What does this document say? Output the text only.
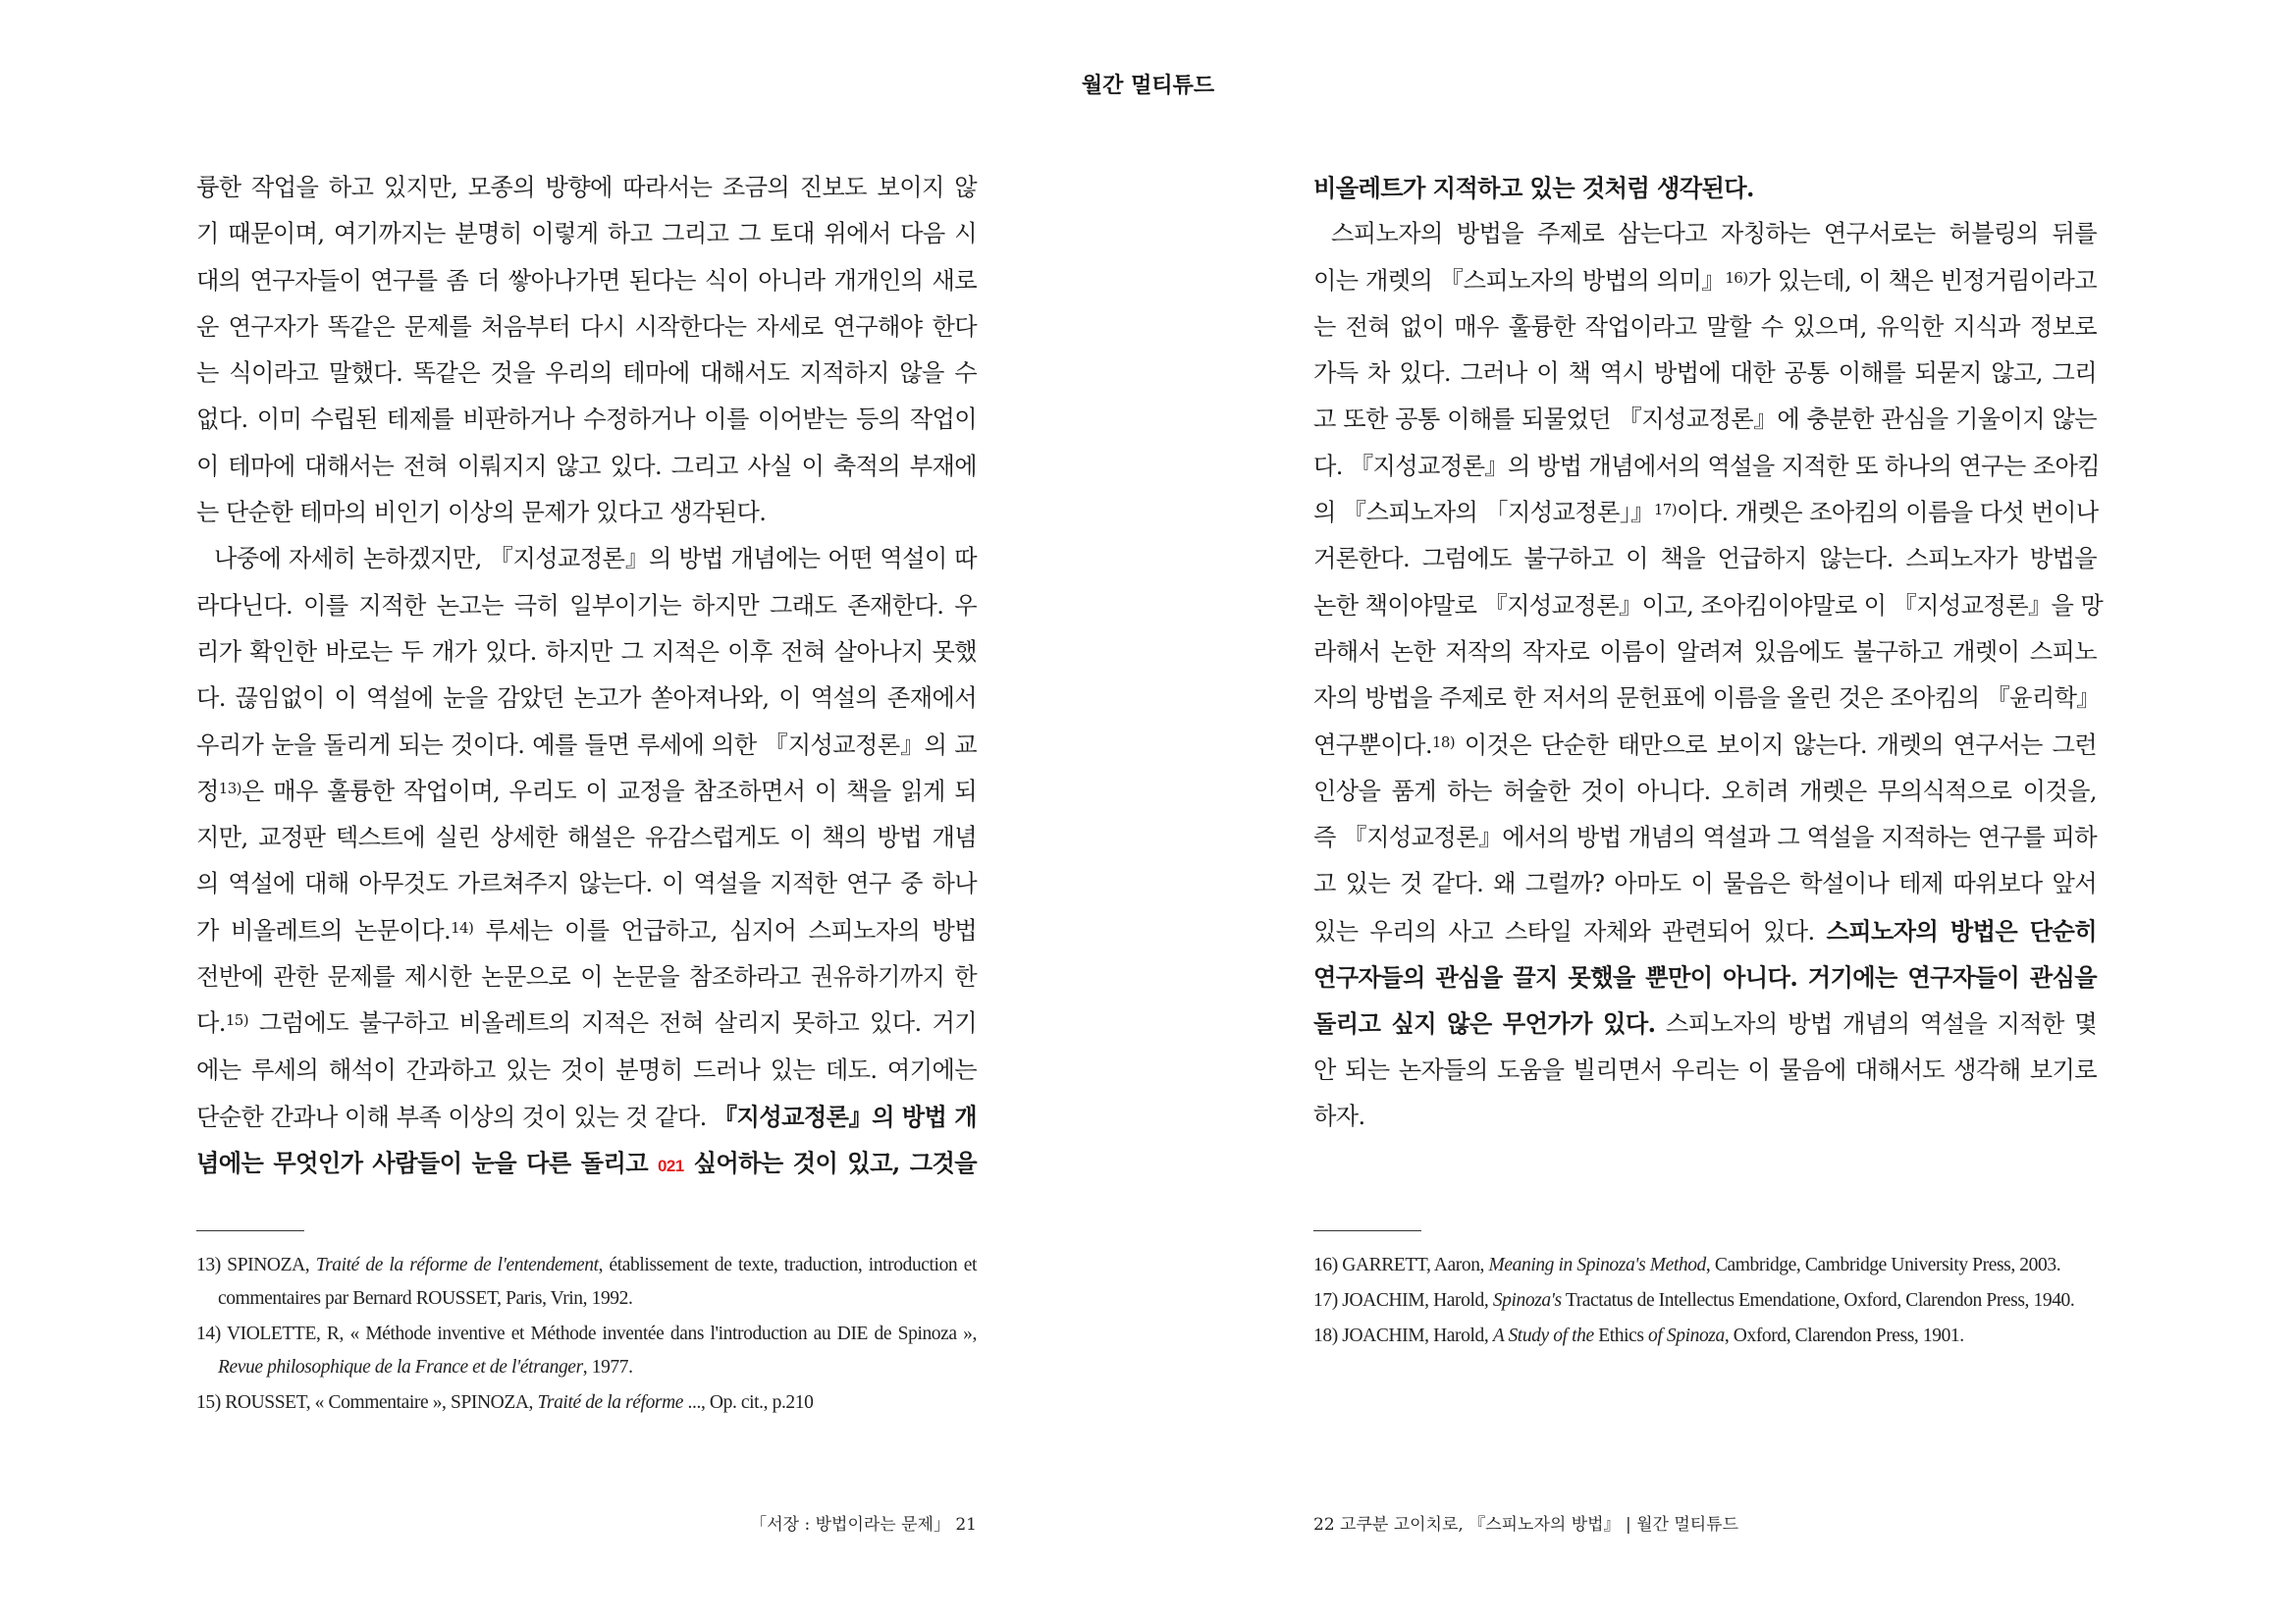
월간 멀티튜드
륭한 작업을 하고 있지만, 모종의 방향에 따라서는 조금의 진보도 보이지 않
기 때문이며, 여기까지는 분명히 이렇게 하고 그리고 그 토대 위에서 다음 시
대의 연구자들이 연구를 좀 더 쌓아나가면 된다는 식이 아니라 개개인의 새로
운 연구자가 똑같은 문제를 처음부터 다시 시작한다는 자세로 연구해야 한다
는 식이라고 말했다. 똑같은 것을 우리의 테마에 대해서도 지적하지 않을 수
없다. 이미 수립된 테제를 비판하거나 수정하거나 이를 이어받는 등의 작업이
이 테마에 대해서는 전혀 이뤄지지 않고 있다. 그리고 사실 이 축적의 부재에
는 단순한 테마의 비인기 이상의 문제가 있다고 생각된다.
나중에 자세히 논하겠지만, 『지성교정론』의 방법 개념에는 어떤 역설이 따
라다닌다. 이를 지적한 논고는 극히 일부이기는 하지만 그래도 존재한다. 우
리가 확인한 바로는 두 개가 있다. 하지만 그 지적은 이후 전혀 살아나지 못했
다. 끊임없이 이 역설에 눈을 감았던 논고가 쏟아져나와, 이 역설의 존재에서
우리가 눈을 돌리게 되는 것이다. 예를 들면 루세에 의한 『지성교정론』의 교
정$^{13)}$은 매우 훌륭한 작업이며, 우리도 이 교정을 참조하면서 이 책을 읽게 되
지만, 교정판 텍스트에 실린 상세한 해설은 유감스럽게도 이 책의 방법 개념
의 역설에 대해 아무것도 가르쳐주지 않는다. 이 역설을 지적한 연구 중 하나
가 비올레트의 논문이다.$^{14)}$ 루세는 이를 언급하고, 심지어 스피노자의 방법
전반에 관한 문제를 제시한 논문으로 이 논문을 참조하라고 권유하기까지 한
다.$^{15)}$ 그럼에도 불구하고 비올레트의 지적은 전혀 살리지 못하고 있다. 거기
에는 루세의 해석이 간과하고 있는 것이 분명히 드러나 있는 데도. 여기에는
단순한 간과나 이해 부족 이상의 것이 있는 것 같다. 『지성교정론』의 방법 개
념에는 무엇인가 사람들이 눈을 다른 돌리고 021 싶어하는 것이 있고, 그것을
비올레트가 지적하고 있는 것처럼 생각된다.
스피노자의 방법을 주제로 삼는다고 자칭하는 연구서로는 허블링의 뒤를
이는 개렛의 『스피노자의 방법의 의미』$^{16)}$가 있는데, 이 책은 빈정거림이라고
는 전혀 없이 매우 훌륭한 작업이라고 말할 수 있으며, 유익한 지식과 정보로
가득 차 있다. 그러나 이 책 역시 방법에 대한 공통 이해를 되묻지 않고, 그리
고 또한 공통 이해를 되물었던 『지성교정론』에 충분한 관심을 기울이지 않는
다. 『지성교정론』의 방법 개념에서의 역설을 지적한 또 하나의 연구는 조아킴
의 『스피노자의 「지성교정론」』$^{17)}$이다. 개렛은 조아킴의 이름을 다섯 번이나
거론한다. 그럼에도 불구하고 이 책을 언급하지 않는다. 스피노자가 방법을
논한 책이야말로 『지성교정론』이고, 조아킴이야말로 이 『지성교정론』을 망
라해서 논한 저작의 작자로 이름이 알려져 있음에도 불구하고 개렛이 스피노
자의 방법을 주제로 한 저서의 문헌표에 이름을 올린 것은 조아킴의 『윤리학』
연구뿐이다.$^{18)}$ 이것은 단순한 태만으로 보이지 않는다. 개렛의 연구서는 그런
인상을 품게 하는 허술한 것이 아니다. 오히려 개렛은 무의식적으로 이것을,
즉 『지성교정론』에서의 방법 개념의 역설과 그 역설을 지적하는 연구를 피하
고 있는 것 같다. 왜 그럴까? 아마도 이 물음은 학설이나 테제 따위보다 앞서
있는 우리의 사고 스타일 자체와 관련되어 있다. 스피노자의 방법은 단순히
연구자들의 관심을 끌지 못했을 뿐만이 아니다. 거기에는 연구자들이 관심을
돌리고 싶지 않은 무언가가 있다. 스피노자의 방법 개념의 역설을 지적한 몇
안 되는 논자들의 도움을 빌리면서 우리는 이 물음에 대해서도 생각해 보기로
하자.
13) SPINOZA, Traité de la réforme de l'entendement, établissement de texte, traduction, introduction et commentaires par Bernard ROUSSET, Paris, Vrin, 1992.
14) VIOLETTE, R, « Méthode inventive et Méthode inventée dans l'introduction au DIE de Spinoza », Revue philosophique de la France et de l'étranger, 1977.
15) ROUSSET, « Commentaire », SPINOZA, Traité de la réforme ..., Op. cit., p.210
16) GARRETT, Aaron, Meaning in Spinoza's Method, Cambridge, Cambridge University Press, 2003.
17) JOACHIM, Harold, Spinoza's Tractatus de Intellectus Emendatione, Oxford, Clarendon Press, 1940.
18) JOACHIM, Harold, A Study of the Ethics of Spinoza, Oxford, Clarendon Press, 1901.
「서장 : 방법이라는 문제」 21	22 고쿠분 고이치로, 『스피노자의 방법』 | 월간 멀티튜드
